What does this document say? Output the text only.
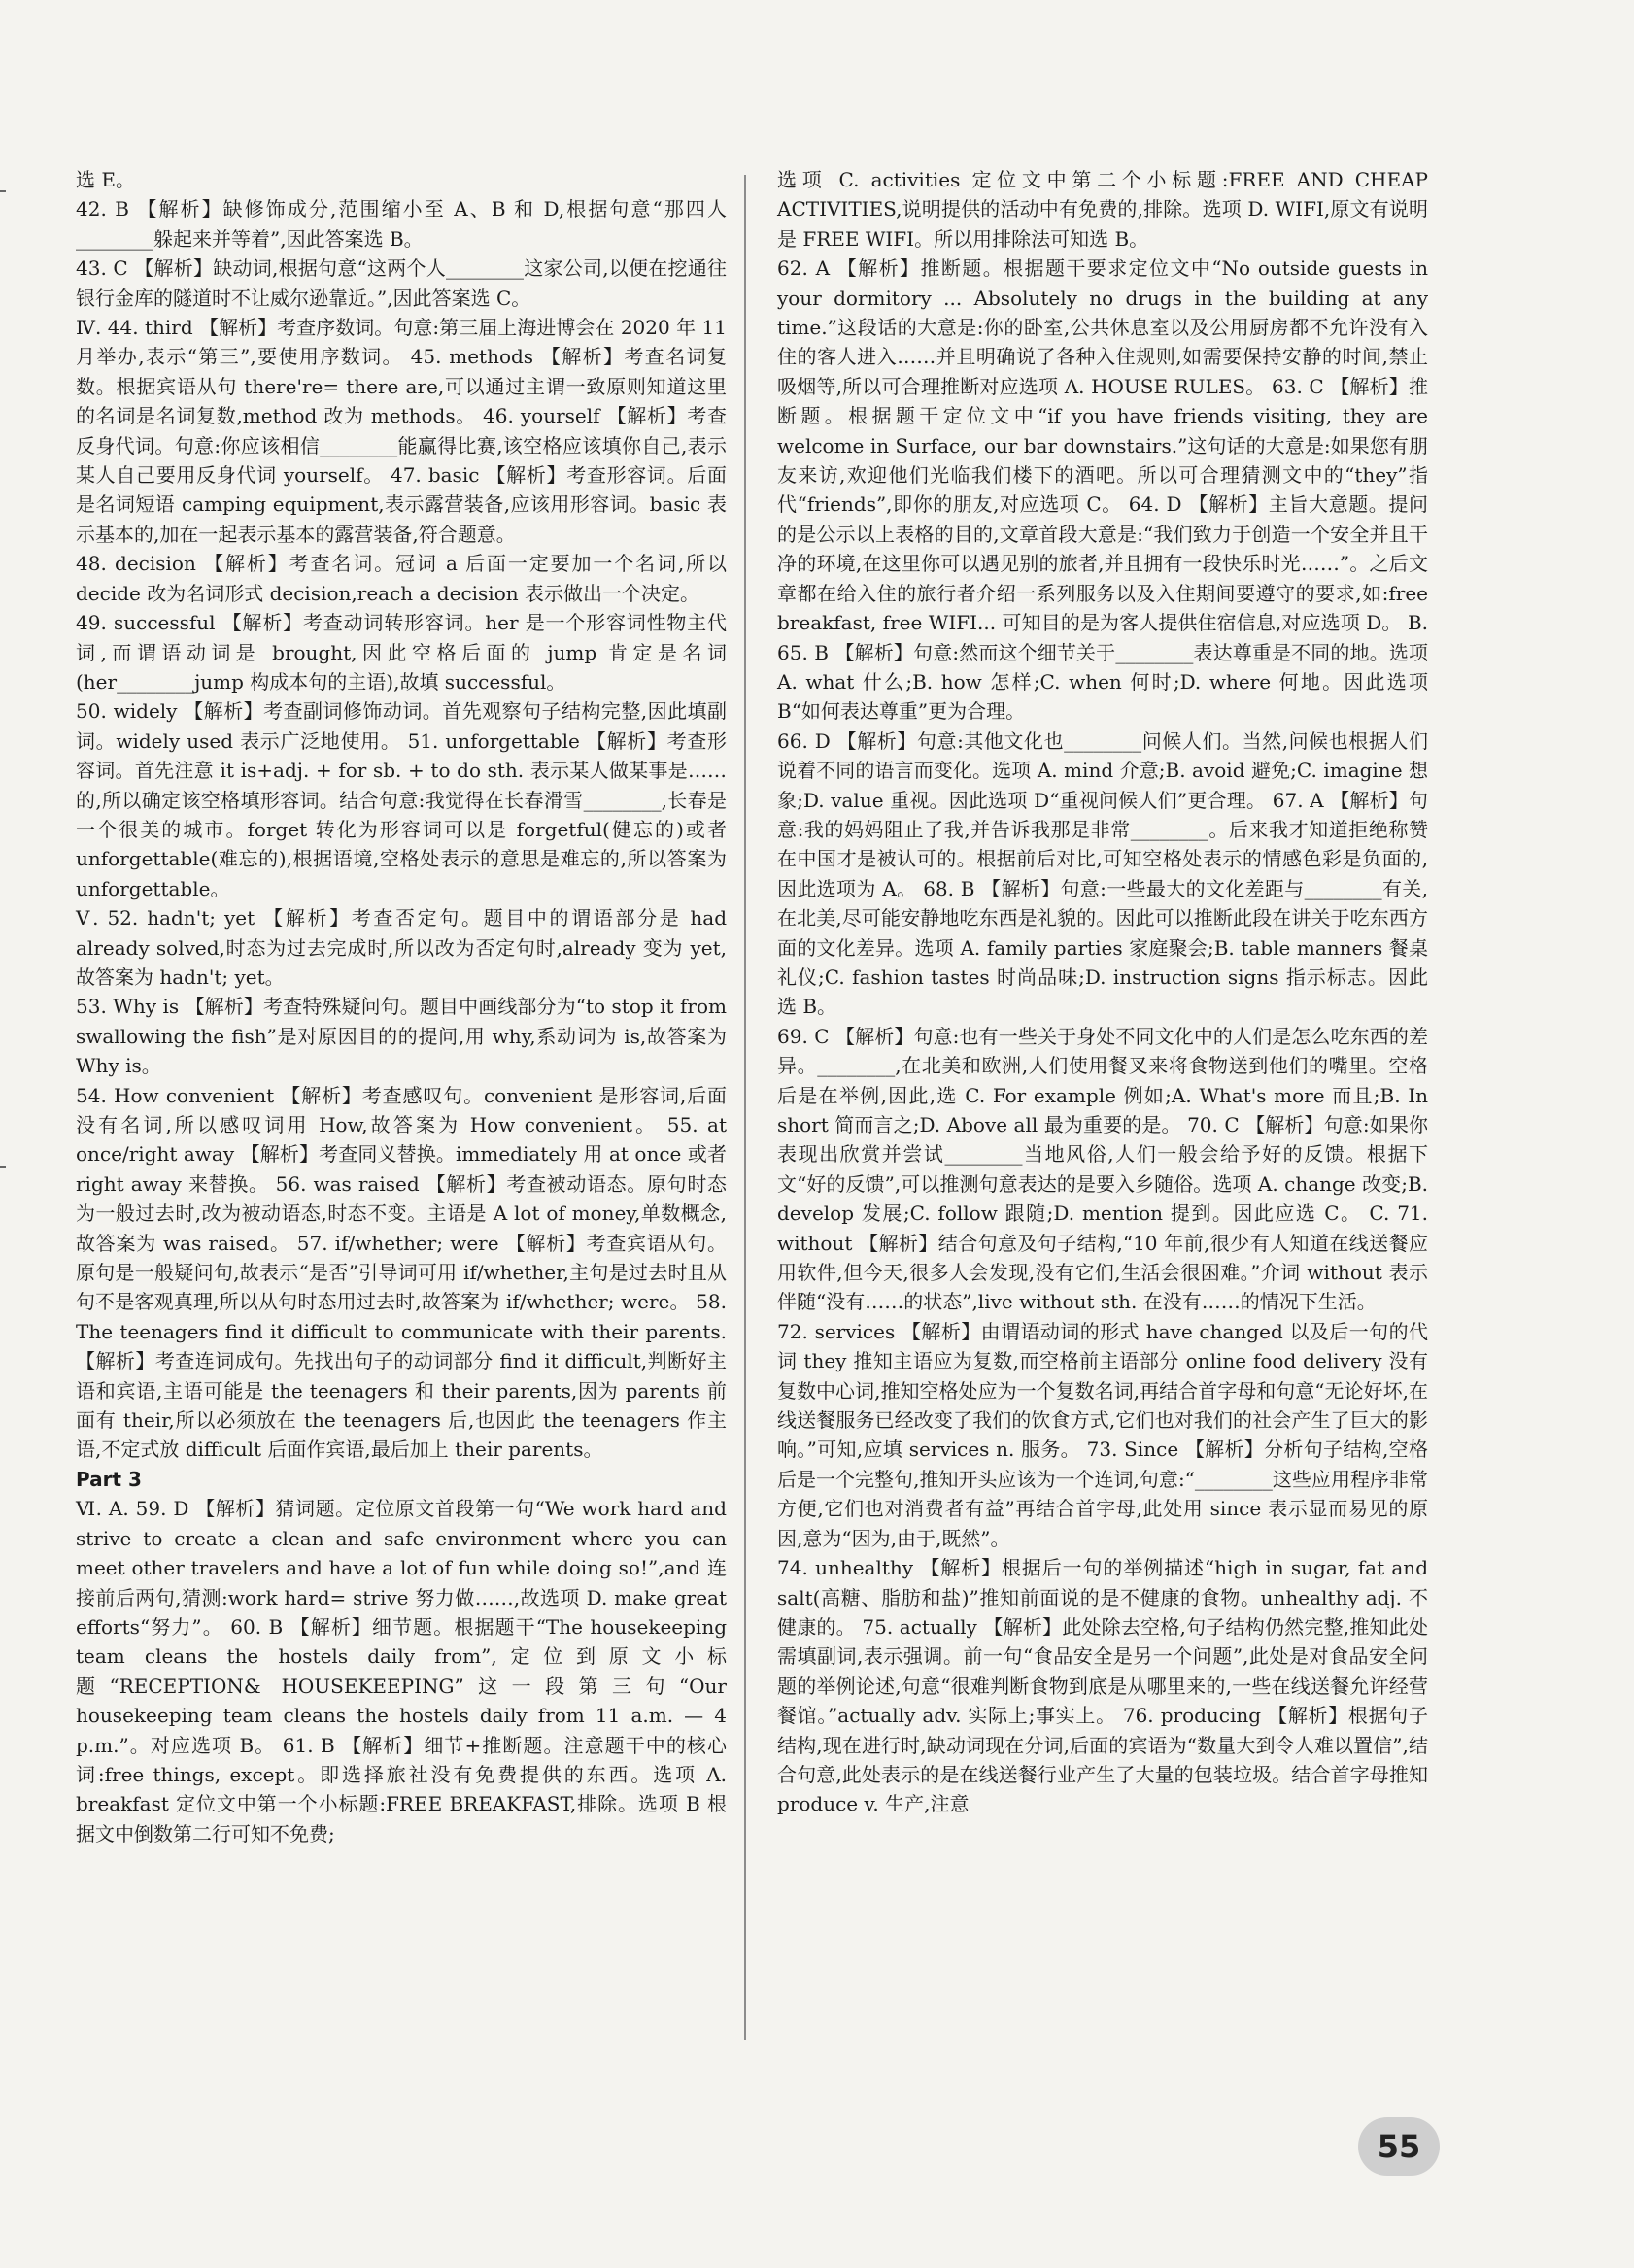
选 E。

42. B 【解析】缺修饰成分,范围缩小至 A、B 和 D,根据句意“那四人________躲起来并等着”,因此答案选 B。

43. C 【解析】缺动词,根据句意“这两个人________这家公司,以便在挖通往银行金库的隧道时不让威尔逊靠近。”,因此答案选 C。

Ⅳ. 44. third 【解析】考查序数词。句意:第三届上海进博会在 2020 年 11 月举办,表示“第三”,要使用序数词。 45. methods 【解析】考查名词复数。根据宾语从句 there're= there are,可以通过主谓一致原则知道这里的名词是名词复数,method 改为 methods。 46. yourself 【解析】考查反身代词。句意:你应该相信________能赢得比赛,该空格应该填你自己,表示某人自己要用反身代词 yourself。 47. basic 【解析】考查形容词。后面是名词短语 camping equipment,表示露营装备,应该用形容词。basic 表示基本的,加在一起表示基本的露营装备,符合题意。

48. decision 【解析】考查名词。冠词 a 后面一定要加一个名词,所以 decide 改为名词形式 decision,reach a decision 表示做出一个决定。

49. successful 【解析】考查动词转形容词。her 是一个形容词性物主代词,而谓语动词是 brought,因此空格后面的 jump 肯定是名词(her________jump 构成本句的主语),故填 successful。

50. widely 【解析】考查副词修饰动词。首先观察句子结构完整,因此填副词。widely used 表示广泛地使用。 51. unforgettable 【解析】考查形容词。首先注意 it is+adj. + for sb. + to do sth. 表示某人做某事是……的,所以确定该空格填形容词。结合句意:我觉得在长春滑雪________,长春是一个很美的城市。forget 转化为形容词可以是 forgetful(健忘的)或者 unforgettable(难忘的),根据语境,空格处表示的意思是难忘的,所以答案为 unforgettable。

Ⅴ. 52. hadn't; yet 【解析】考查否定句。题目中的谓语部分是 had already solved,时态为过去完成时,所以改为否定句时,already 变为 yet,故答案为 hadn't; yet。

53. Why is 【解析】考查特殊疑问句。题目中画线部分为“to stop it from swallowing the fish”是对原因目的的提问,用 why,系动词为 is,故答案为 Why is。

54. How convenient 【解析】考查感叹句。convenient 是形容词,后面没有名词,所以感叹词用 How,故答案为 How convenient。 55. at once/right away 【解析】考查同义替换。immediately 用 at once 或者 right away 来替换。 56. was raised 【解析】考查被动语态。原句时态为一般过去时,改为被动语态,时态不变。主语是 A lot of money,单数概念,故答案为 was raised。 57. if/whether; were 【解析】考查宾语从句。原句是一般疑问句,故表示“是否”引导词可用 if/whether,主句是过去时且从句不是客观真理,所以从句时态用过去时,故答案为 if/whether; were。 58. The teenagers find it difficult to communicate with their parents. 【解析】考查连词成句。先找出句子的动词部分 find it difficult,判断好主语和宾语,主语可能是 the teenagers 和 their parents,因为 parents 前面有 their,所以必须放在 the teenagers 后,也因此 the teenagers 作主语,不定式放 difficult 后面作宾语,最后加上 their parents。

Part 3

Ⅵ. A. 59. D 【解析】猜词题。定位原文首段第一句“We work hard and strive to create a clean and safe environment where you can meet other travelers and have a lot of fun while doing so!”,and 连接前后两句,猜测:work hard= strive 努力做……,故选项 D. make great efforts“努力”。 60. B 【解析】细节题。根据题干“The housekeeping team cleans the hostels daily from”,定位到原文小标题“RECEPTION& HOUSEKEEPING”这一段第三句“Our housekeeping team cleans the hostels daily from 11 a.m. — 4 p.m.”。对应选项 B。 61. B 【解析】细节+推断题。注意题干中的核心词:free things, except。即选择旅社没有免费提供的东西。选项 A. breakfast 定位文中第一个小标题:FREE BREAKFAST,排除。选项 B 根据文中倒数第二行可知不免费;

选项 C. activities 定位文中第二个小标题:FREE AND CHEAP ACTIVITIES,说明提供的活动中有免费的,排除。选项 D. WIFI,原文有说明是 FREE WIFI。所以用排除法可知选 B。

62. A 【解析】推断题。根据题干要求定位文中“No outside guests in your dormitory ... Absolutely no drugs in the building at any time.”这段话的大意是:你的卧室,公共休息室以及公用厨房都不允许没有入住的客人进入……并且明确说了各种入住规则,如需要保持安静的时间,禁止吸烟等,所以可合理推断对应选项 A. HOUSE RULES。 63. C 【解析】推断题。根据题干定位文中“if you have friends visiting, they are welcome in Surface, our bar downstairs.”这句话的大意是:如果您有朋友来访,欢迎他们光临我们楼下的酒吧。所以可合理猜测文中的“they”指代“friends”,即你的朋友,对应选项 C。 64. D 【解析】主旨大意题。提问的是公示以上表格的目的,文章首段大意是:“我们致力于创造一个安全并且干净的环境,在这里你可以遇见别的旅者,并且拥有一段快乐时光……”。之后文章都在给入住的旅行者介绍一系列服务以及入住期间要遵守的要求,如:free breakfast, free WIFI... 可知目的是为客人提供住宿信息,对应选项 D。 B. 65. B 【解析】句意:然而这个细节关于________表达尊重是不同的地。选项 A. what 什么;B. how 怎样;C. when 何时;D. where 何地。因此选项 B“如何表达尊重”更为合理。

66. D 【解析】句意:其他文化也________问候人们。当然,问候也根据人们说着不同的语言而变化。选项 A. mind 介意;B. avoid 避免;C. imagine 想象;D. value 重视。因此选项 D“重视问候人们”更合理。 67. A 【解析】句意:我的妈妈阻止了我,并告诉我那是非常________。后来我才知道拒绝称赞在中国才是被认可的。根据前后对比,可知空格处表示的情感色彩是负面的,因此选项为 A。 68. B 【解析】句意:一些最大的文化差距与________有关,在北美,尽可能安静地吃东西是礼貌的。因此可以推断此段在讲关于吃东西方面的文化差异。选项 A. family parties 家庭聚会;B. table manners 餐桌礼仪;C. fashion tastes 时尚品味;D. instruction signs 指示标志。因此选 B。

69. C 【解析】句意:也有一些关于身处不同文化中的人们是怎么吃东西的差异。________,在北美和欧洲,人们使用餐叉来将食物送到他们的嘴里。空格后是在举例,因此,选 C. For example 例如;A. What's more 而且;B. In short 简而言之;D. Above all 最为重要的是。 70. C 【解析】句意:如果你表现出欣赏并尝试________当地风俗,人们一般会给予好的反馈。根据下文“好的反馈”,可以推测句意表达的是要入乡随俗。选项 A. change 改变;B. develop 发展;C. follow 跟随;D. mention 提到。因此应选 C。 C. 71. without 【解析】结合句意及句子结构,“10 年前,很少有人知道在线送餐应用软件,但今天,很多人会发现,没有它们,生活会很困难。”介词 without 表示伴随“没有……的状态”,live without sth. 在没有……的情况下生活。

72. services 【解析】由谓语动词的形式 have changed 以及后一句的代词 they 推知主语应为复数,而空格前主语部分 online food delivery 没有复数中心词,推知空格处应为一个复数名词,再结合首字母和句意“无论好坏,在线送餐服务已经改变了我们的饮食方式,它们也对我们的社会产生了巨大的影响。”可知,应填 services n. 服务。 73. Since 【解析】分析句子结构,空格后是一个完整句,推知开头应该为一个连词,句意:“________这些应用程序非常方便,它们也对消费者有益”再结合首字母,此处用 since 表示显而易见的原因,意为“因为,由于,既然”。

74. unhealthy 【解析】根据后一句的举例描述“high in sugar, fat and salt(高糖、脂肪和盐)”推知前面说的是不健康的食物。unhealthy adj. 不健康的。 75. actually 【解析】此处除去空格,句子结构仍然完整,推知此处需填副词,表示强调。前一句“食品安全是另一个问题”,此处是对食品安全问题的举例论述,句意“很难判断食物到底是从哪里来的,一些在线送餐允许经营餐馆。”actually adv. 实际上;事实上。 76. producing 【解析】根据句子结构,现在进行时,缺动词现在分词,后面的宾语为“数量大到令人难以置信”,结合句意,此处表示的是在线送餐行业产生了大量的包装垃圾。结合首字母推知 produce v. 生产,注意

55
